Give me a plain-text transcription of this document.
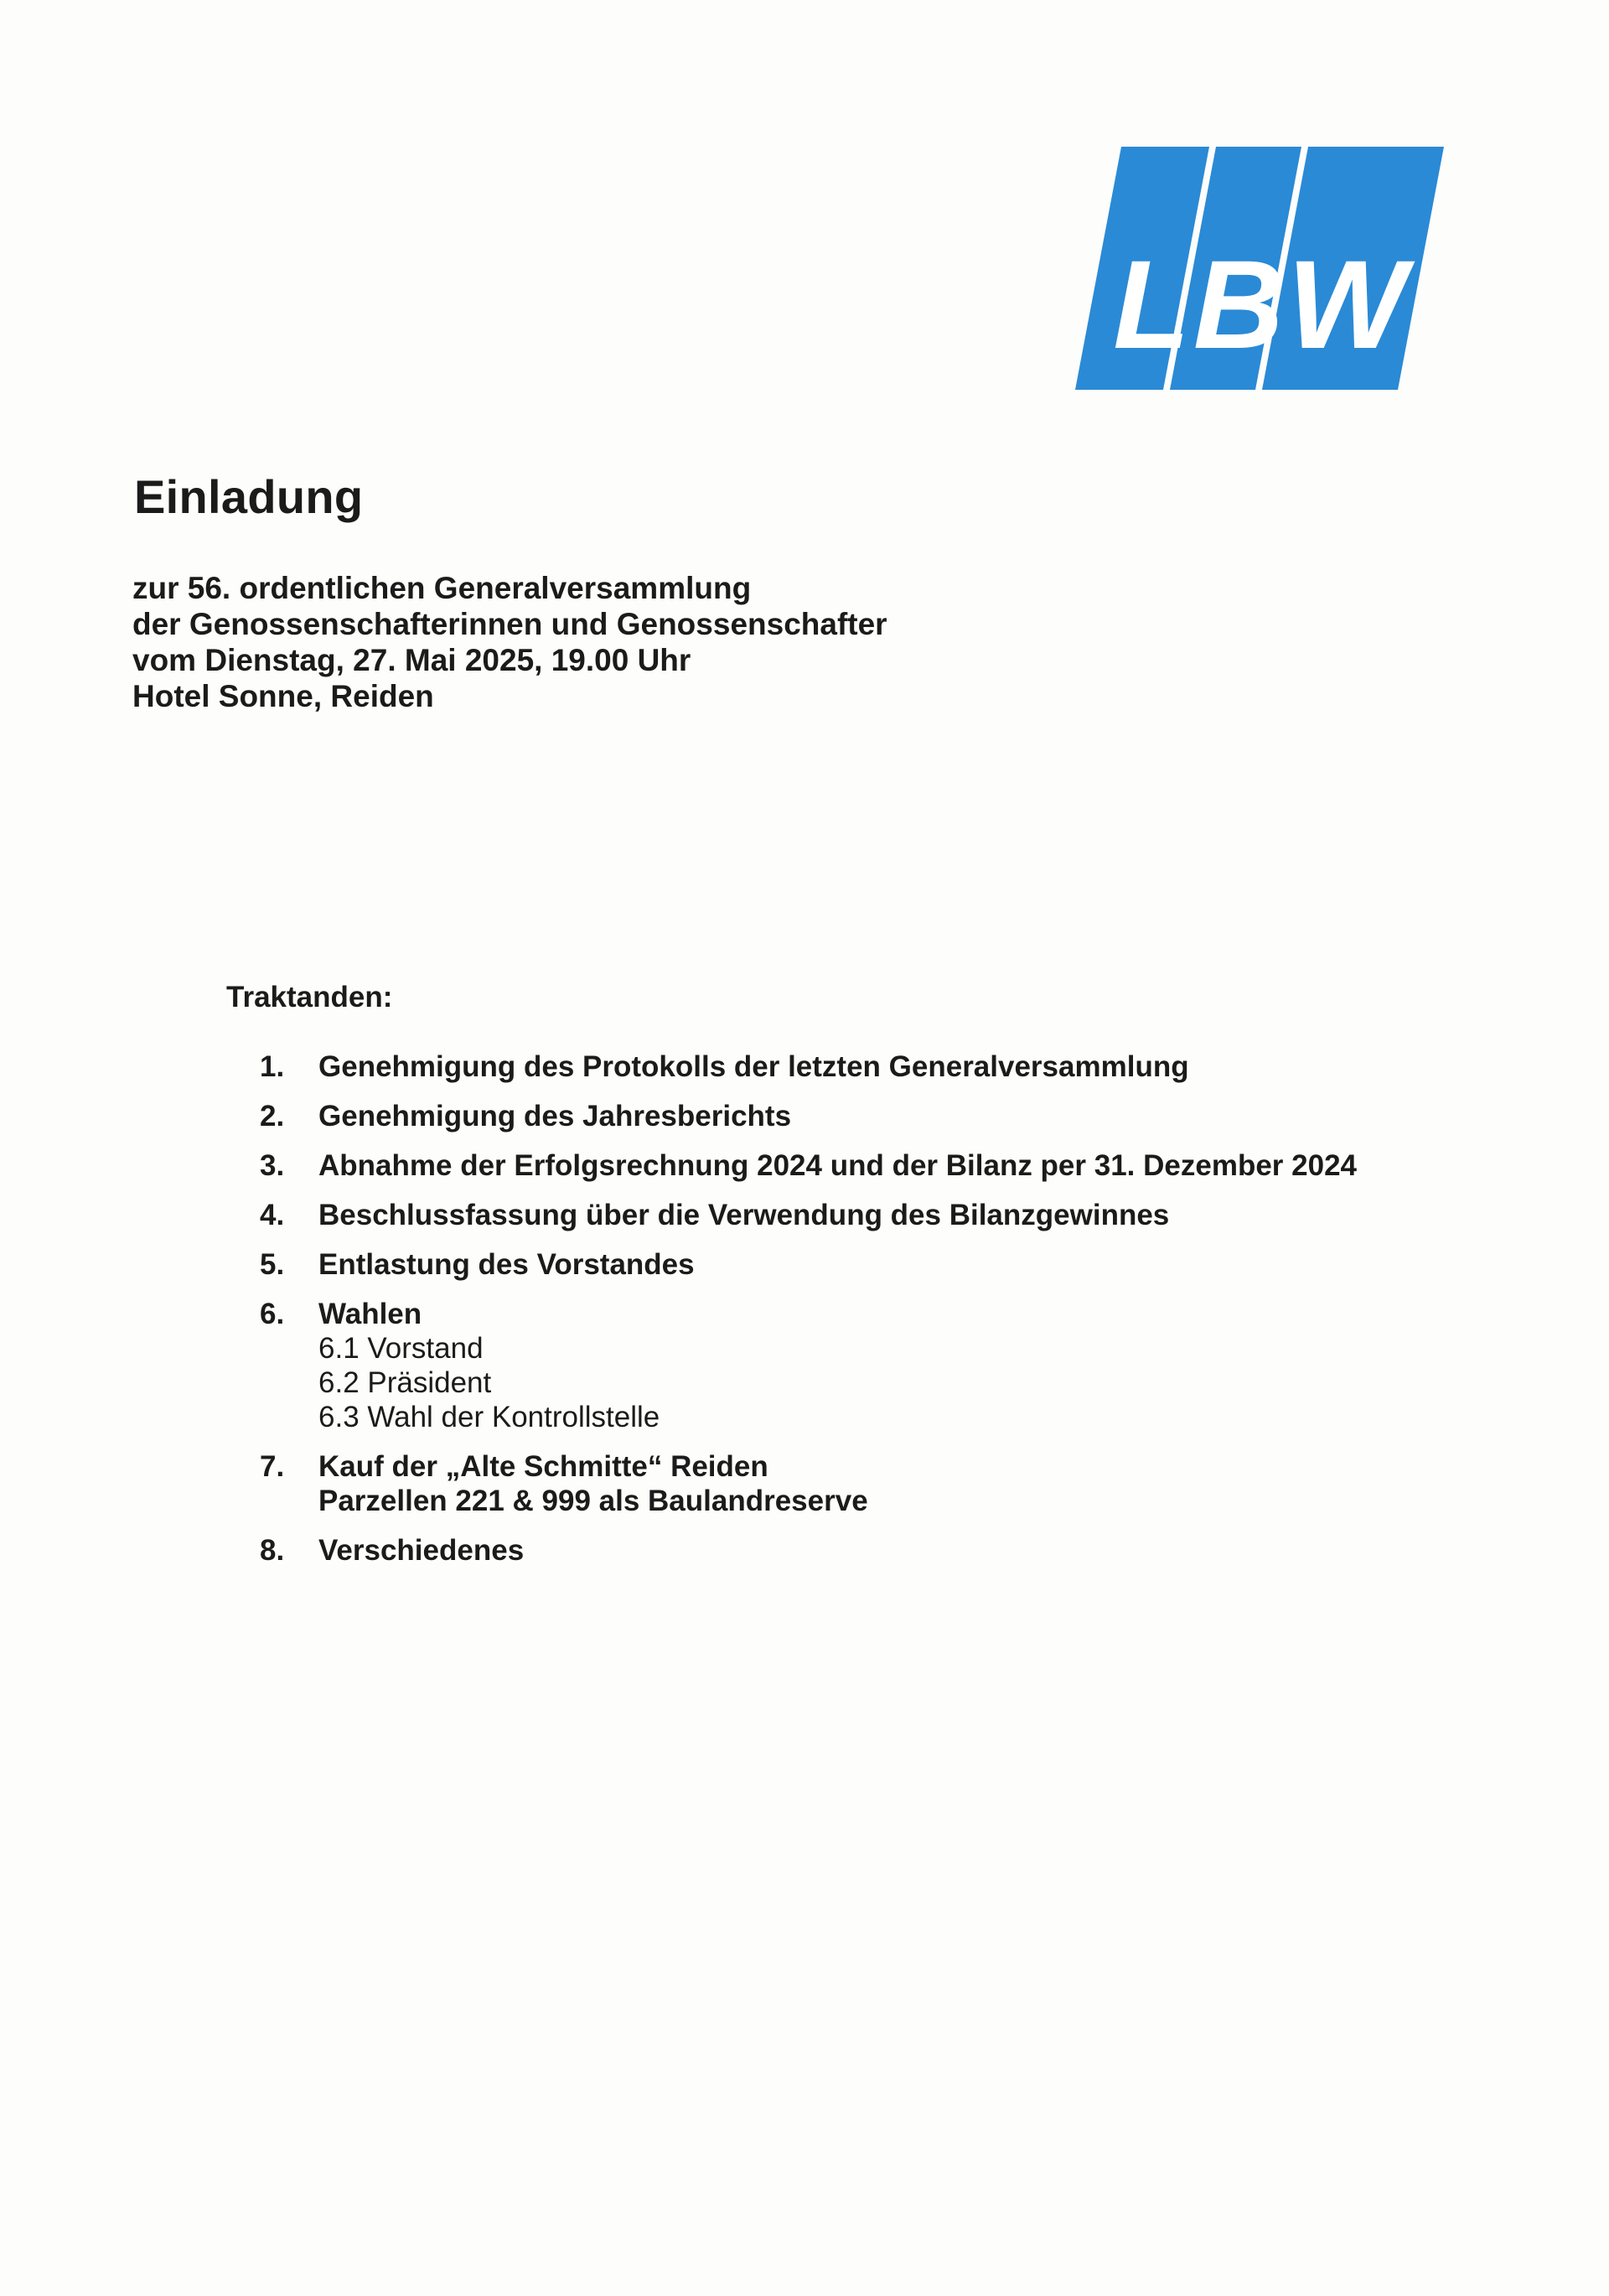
LBW
Einladung
zur 56. ordentlichen Generalversammlung
der Genossenschafterinnen und Genossenschafter
vom Dienstag, 27. Mai 2025, 19.00 Uhr
Hotel Sonne, Reiden
Traktanden:
1.	Genehmigung des Protokolls der letzten Generalversammlung
2.	Genehmigung des Jahresberichts
3.	Abnahme der Erfolgsrechnung 2024 und der Bilanz per 31. Dezember 2024
4.	Beschlussfassung über die Verwendung des Bilanzgewinnes
5.	Entlastung des Vorstandes
6.	Wahlen
6.1 Vorstand
6.2 Präsident
6.3 Wahl der Kontrollstelle
7.	Kauf der „Alte Schmitte“ Reiden
Parzellen 221 & 999 als Baulandreserve
8.	Verschiedenes
